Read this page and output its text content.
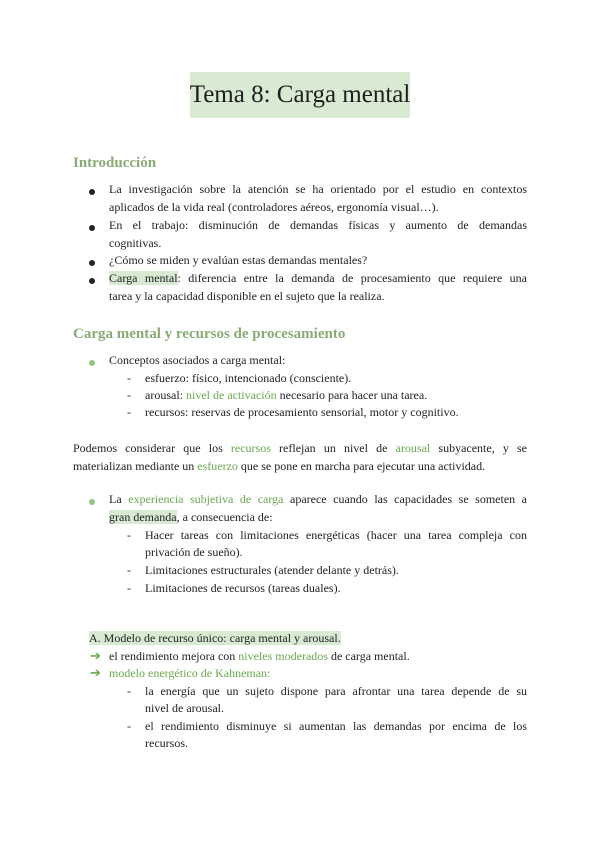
Tema 8: Carga mental
Introducción
La investigación sobre la atención se ha orientado por el estudio en contextos
aplicados de la vida real (controladores aéreos, ergonomía visual…).
En el trabajo: disminución de demandas físicas y aumento de demandas
cognitivas.
¿Cómo se miden y evalúan estas demandas mentales?
Carga mental: diferencia entre la demanda de procesamiento que requiere una
tarea y la capacidad disponible en el sujeto que la realiza.
Carga mental y recursos de procesamiento
Conceptos asociados a carga mental:
- esfuerzo: físico, intencionado (consciente).
- arousal: nivel de activación necesario para hacer una tarea.
- recursos: reservas de procesamiento sensorial, motor y cognitivo.
Podemos considerar que los recursos reflejan un nivel de arousal subyacente, y se
materializan mediante un esfuerzo que se pone en marcha para ejecutar una actividad.
La experiencia subjetiva de carga aparece cuando las capacidades se someten a
gran demanda, a consecuencia de:
- Hacer tareas con limitaciones energéticas (hacer una tarea compleja con
privación de sueño).
- Limitaciones estructurales (atender delante y detrás).
- Limitaciones de recursos (tareas duales).
A. Modelo de recurso único: carga mental y arousal.
➔ el rendimiento mejora con niveles moderados de carga mental.
➔ modelo energético de Kahneman:
- la energía que un sujeto dispone para afrontar una tarea depende de su
nivel de arousal.
- el rendimiento disminuye si aumentan las demandas por encima de los
recursos.
